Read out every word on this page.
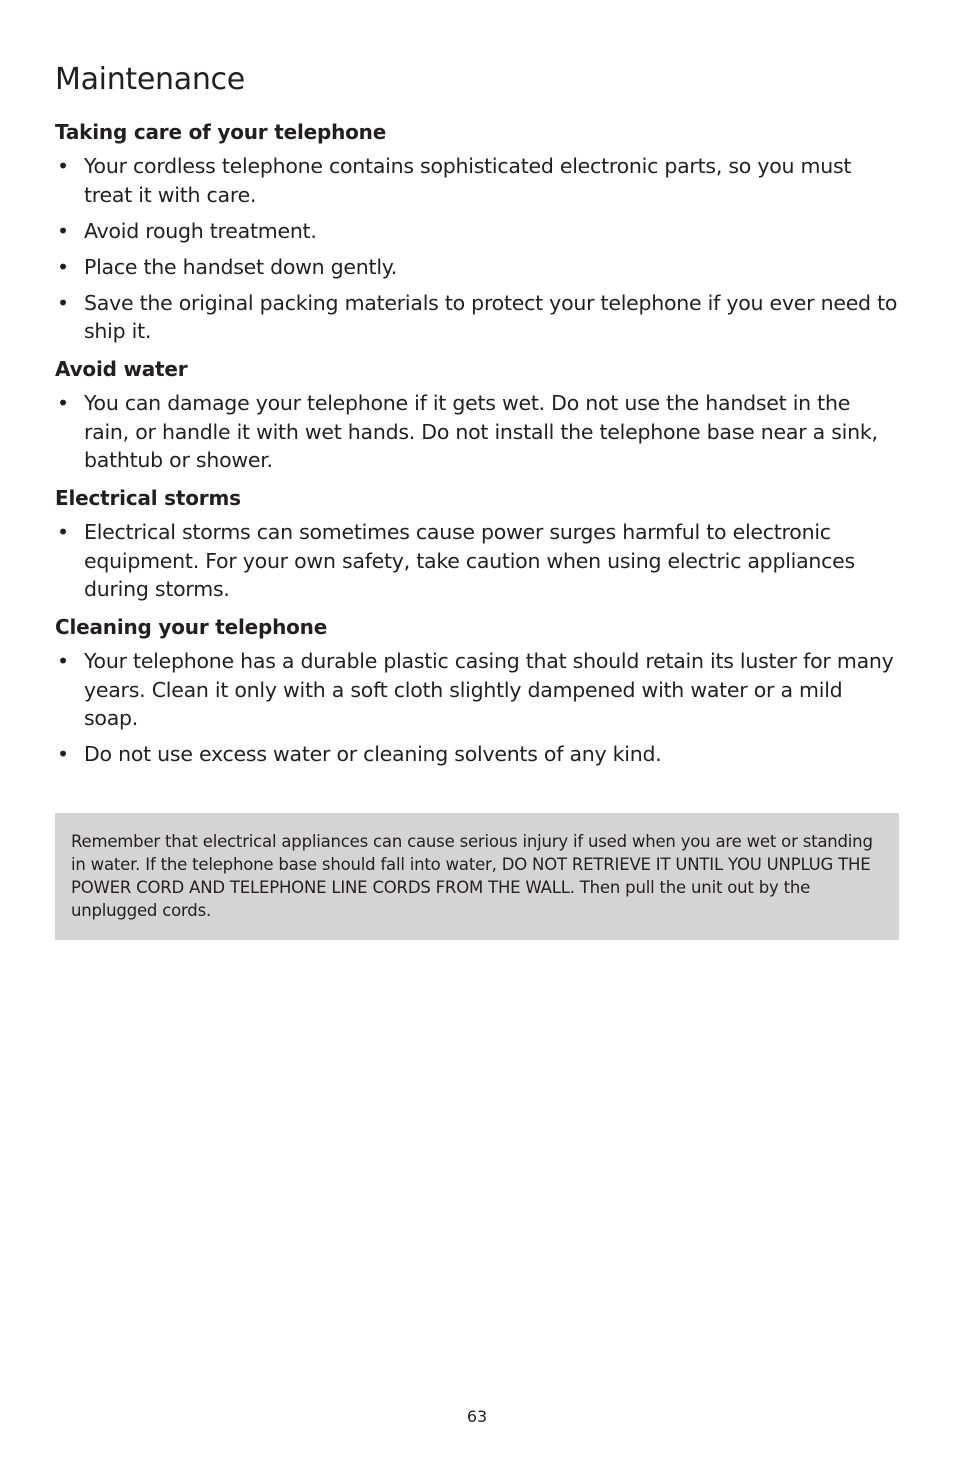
Maintenance
Taking care of your telephone
• Your cordless telephone contains sophisticated electronic parts, so you must treat it with care.
• Avoid rough treatment.
• Place the handset down gently.
• Save the original packing materials to protect your telephone if you ever need to ship it.
Avoid water
• You can damage your telephone if it gets wet. Do not use the handset in the rain, or handle it with wet hands. Do not install the telephone base near a sink, bathtub or shower.
Electrical storms
• Electrical storms can sometimes cause power surges harmful to electronic equipment. For your own safety, take caution when using electric appliances during storms.
Cleaning your telephone
• Your telephone has a durable plastic casing that should retain its luster for many years. Clean it only with a soft cloth slightly dampened with water or a mild soap.
• Do not use excess water or cleaning solvents of any kind.

Remember that electrical appliances can cause serious injury if used when you are wet or standing in water. If the telephone base should fall into water, DO NOT RETRIEVE IT UNTIL YOU UNPLUG THE POWER CORD AND TELEPHONE LINE CORDS FROM THE WALL. Then pull the unit out by the unplugged cords.

63
